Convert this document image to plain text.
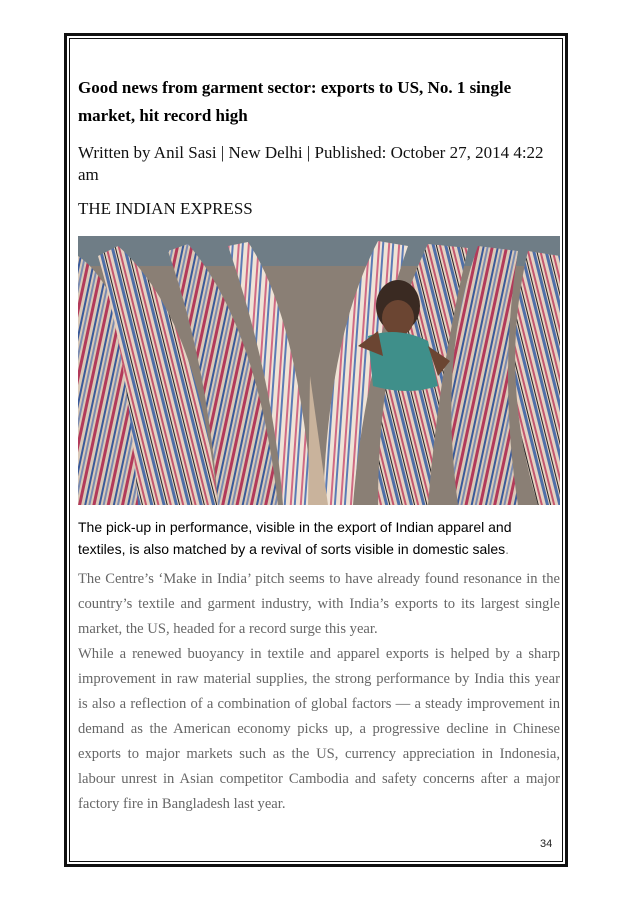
Good news from garment sector: exports to US, No. 1 single market, hit record high

Written by Anil Sasi | New Delhi | Published: October 27, 2014 4:22 am

THE INDIAN EXPRESS

The pick-up in performance, visible in the export of Indian apparel and textiles, is also matched by a revival of sorts visible in domestic sales.

The Centre’s ‘Make in India’ pitch seems to have already found resonance in the country’s textile and garment industry, with India’s exports to its largest single market, the US, headed for a record surge this year.

While a renewed buoyancy in textile and apparel exports is helped by a sharp improvement in raw material supplies, the strong performance by India this year is also a reflection of a combination of global factors — a steady improvement in demand as the American economy picks up, a progressive decline in Chinese exports to major markets such as the US, currency appreciation in Indonesia, labour unrest in Asian competitor Cambodia and safety concerns after a major factory fire in Bangladesh last year.

34
